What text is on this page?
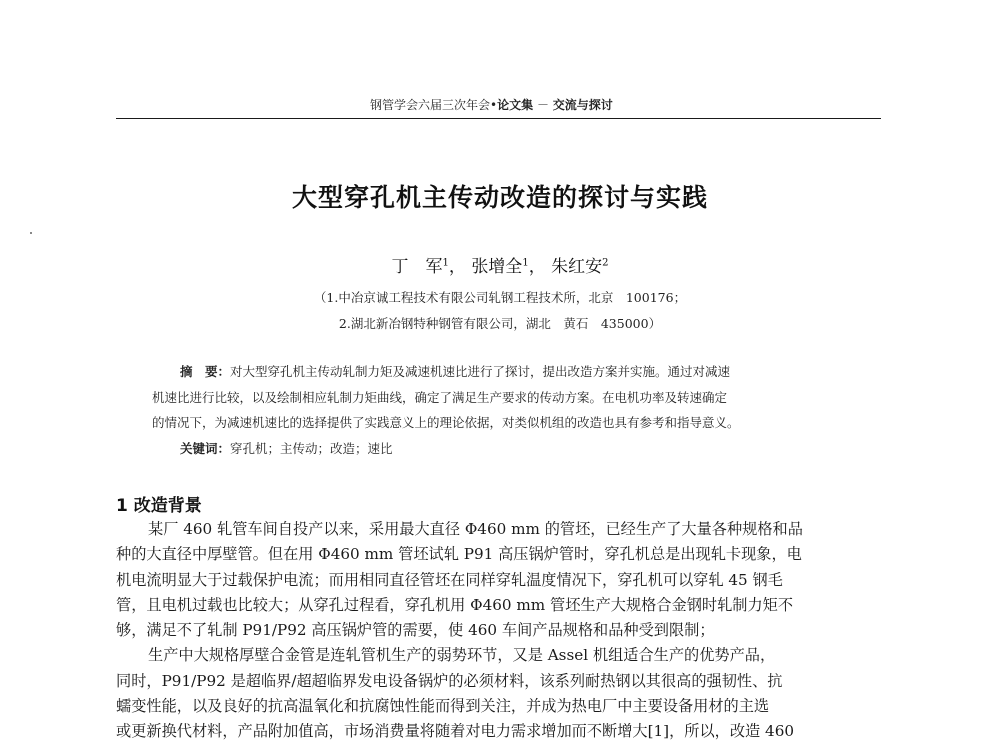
钢管学会六届三次年会•论文集 － 交流与探讨
大型穿孔机主传动改造的探讨与实践
丁　军$^1$， 张增全$^1$， 朱红安$^2$
（1.中冶京诚工程技术有限公司轧钢工程技术所，北京　100176；
2.湖北新冶钢特种钢管有限公司，湖北　黄石　435000）
摘　要：对大型穿孔机主传动轧制力矩及减速机速比进行了探讨，提出改造方案并实施。通过对减速
机速比进行比较，以及绘制相应轧制力矩曲线，确定了满足生产要求的传动方案。在电机功率及转速确定
的情况下，为减速机速比的选择提供了实践意义上的理论依据，对类似机组的改造也具有参考和指导意义。
关键词：穿孔机；主传动；改造；速比
1 改造背景
某厂 460 轧管车间自投产以来，采用最大直径 Φ460 mm 的管坯，已经生产了大量各种规格和品
种的大直径中厚壁管。但在用 Φ460 mm 管坯试轧 P91 高压锅炉管时，穿孔机总是出现轧卡现象，电
机电流明显大于过载保护电流；而用相同直径管坯在同样穿轧温度情况下，穿孔机可以穿轧 45 钢毛
管，且电机过载也比较大；从穿孔过程看，穿孔机用 Φ460 mm 管坯生产大规格合金钢时轧制力矩不
够，满足不了轧制 P91/P92 高压锅炉管的需要，使 460 车间产品规格和品种受到限制；
生产中大规格厚壁合金管是连轧管机生产的弱势环节，又是 Assel 机组适合生产的优势产品，
同时，P91/P92 是超临界/超超临界发电设备锅炉的必须材料，该系列耐热钢以其很高的强韧性、抗
蠕变性能，以及良好的抗高温氧化和抗腐蚀性能而得到关注，并成为热电厂中主要设备用材的主选
或更新换代材料，产品附加值高，市场消费量将随着对电力需求增加而不断增大[1]，所以，改造 460
